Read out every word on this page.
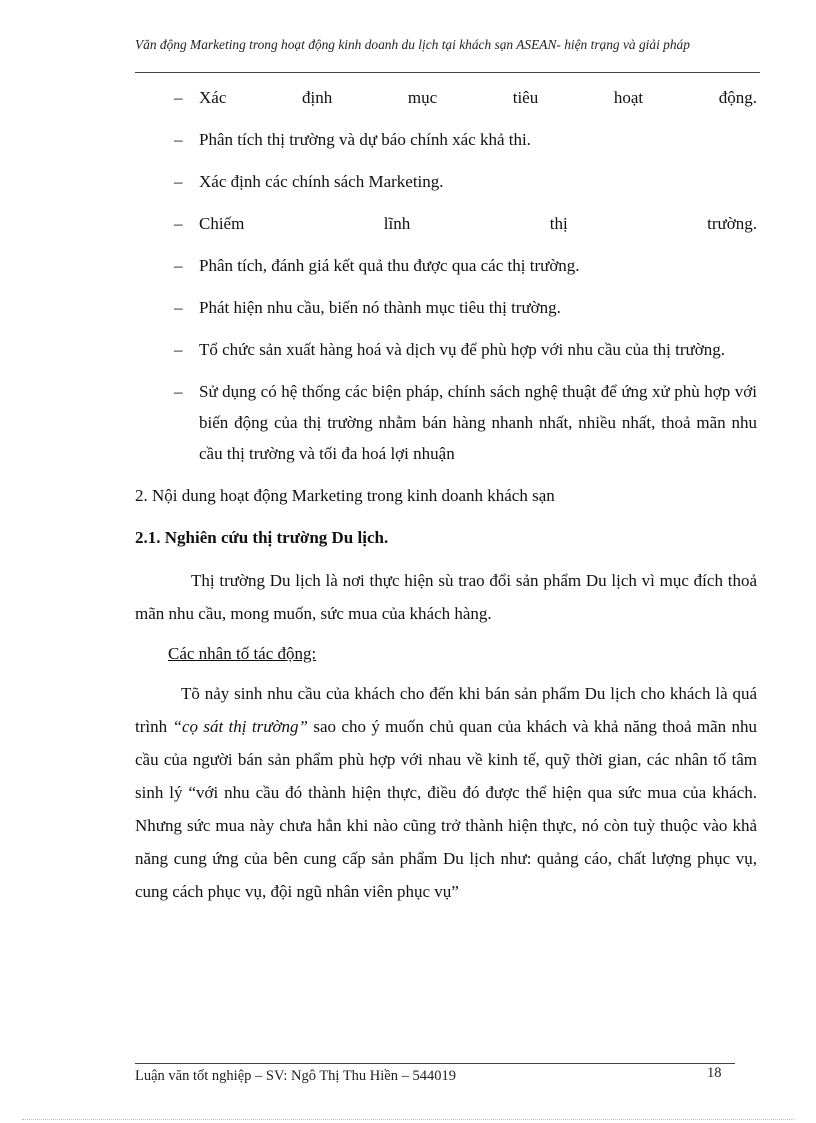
Văn động Marketing trong hoạt động kinh doanh du lịch tại khách sạn ASEAN- hiện trạng và giải pháp
– Xác định mục tiêu hoạt động.
– Phân tích thị trường và dự báo chính xác khả thi.
– Xác định các chính sách Marketing.
– Chiếm lĩnh thị trường.
– Phân tích, đánh giá kết quả thu được qua các thị trường.
– Phát hiện nhu cầu, biến nó thành mục tiêu thị trường.
– Tổ chức sản xuất hàng hoá và dịch vụ để phù hợp với nhu cầu của thị trường.
– Sử dụng có hệ thống các biện pháp, chính sách nghệ thuật để ứng xử phù hợp với biến động của thị trường nhằm bán hàng nhanh nhất, nhiều nhất, thoả mãn nhu cầu thị trường và tối đa hoá lợi nhuận
2. Nội dung hoạt động Marketing trong kinh doanh khách sạn
2.1. Nghiên cứu thị trường Du lịch.
Thị trường Du lịch là nơi thực hiện sù trao đổi sản phẩm Du lịch vì mục đích thoả mãn nhu cầu, mong muốn, sức mua của khách hàng.
Các nhân tố tác động:
Tõ nảy sinh nhu cầu của khách cho đến khi bán sản phẩm Du lịch cho khách là quá trình “cọ sát thị trường” sao cho ý muốn chủ quan của khách và khả năng thoả mãn nhu cầu của người bán sản phẩm phù hợp với nhau về kinh tế, quỹ thời gian, các nhân tố tâm sinh lý “với nhu cầu đó thành hiện thực, điều đó được thể hiện qua sức mua của khách. Nhưng sức mua này chưa hẳn khi nào cũng trở thành hiện thực, nó còn tuỳ thuộc vào khả năng cung ứng của bên cung cấp sản phẩm Du lịch như: quảng cáo, chất lượng phục vụ, cung cách phục vụ, đội ngũ nhân viên phục vụ”
Luận văn tốt nghiệp – SV: Ngô Thị Thu Hiền – 544019	18
